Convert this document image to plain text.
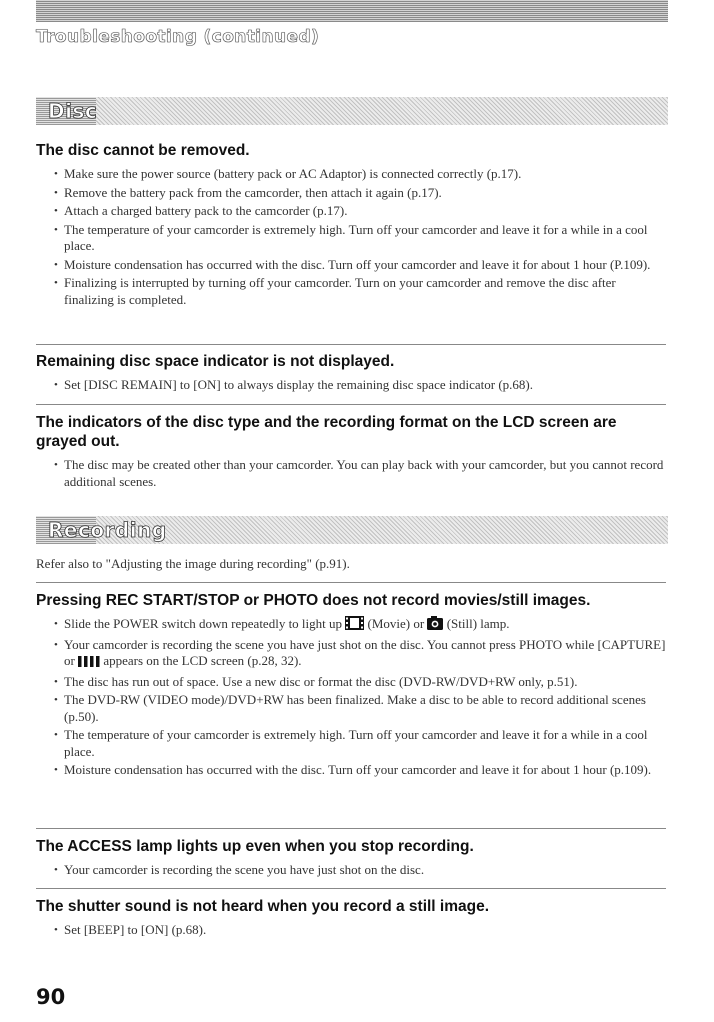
Troubleshooting (continued)
Disc
The disc cannot be removed.
• Make sure the power source (battery pack or AC Adaptor) is connected correctly (p.17).
• Remove the battery pack from the camcorder, then attach it again (p.17).
• Attach a charged battery pack to the camcorder (p.17).
• The temperature of your camcorder is extremely high. Turn off your camcorder and leave it for a while in a cool place.
• Moisture condensation has occurred with the disc. Turn off your camcorder and leave it for about 1 hour (P.109).
• Finalizing is interrupted by turning off your camcorder. Turn on your camcorder and remove the disc after finalizing is completed.
Remaining disc space indicator is not displayed.
• Set [DISC REMAIN] to [ON] to always display the remaining disc space indicator (p.68).
The indicators of the disc type and the recording format on the LCD screen are grayed out.
• The disc may be created other than your camcorder. You can play back with your camcorder, but you cannot record additional scenes.
Recording

Refer also to "Adjusting the image during recording" (p.91).

Pressing REC START/STOP or PHOTO does not record movies/still images.
• Slide the POWER switch down repeatedly to light up (Movie) or (Still) lamp.
• Your camcorder is recording the scene you have just shot on the disc. You cannot press PHOTO while [CAPTURE] or appears on the LCD screen (p.28, 32).
• The disc has run out of space. Use a new disc or format the disc (DVD-RW/DVD+RW only, p.51).
• The DVD-RW (VIDEO mode)/DVD+RW has been finalized. Make a disc to be able to record additional scenes (p.50).
• The temperature of your camcorder is extremely high. Turn off your camcorder and leave it for a while in a cool place.
• Moisture condensation has occurred with the disc. Turn off your camcorder and leave it for about 1 hour (p.109).
The ACCESS lamp lights up even when you stop recording.
• Your camcorder is recording the scene you have just shot on the disc.
The shutter sound is not heard when you record a still image.
• Set [BEEP] to [ON] (p.68).

90
